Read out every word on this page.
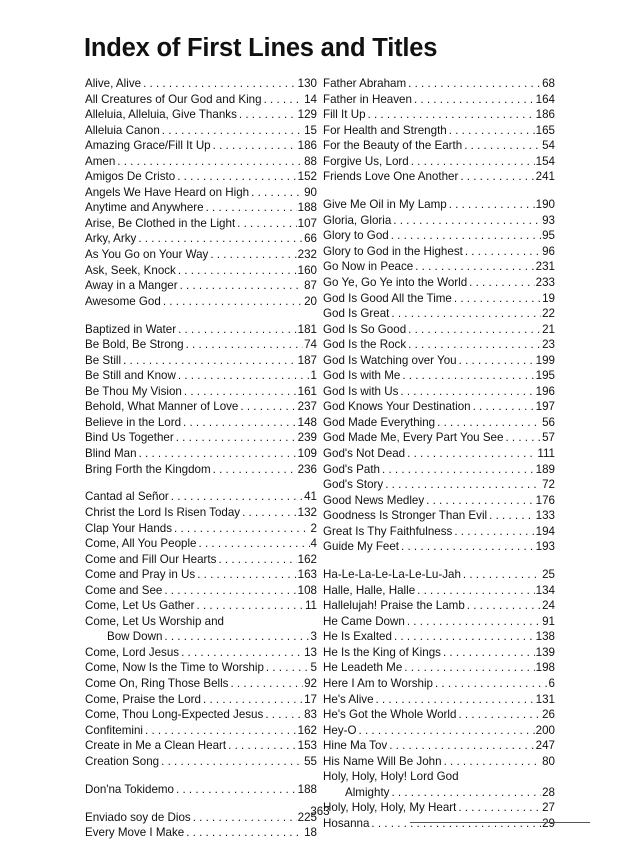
Index of First Lines and Titles
Alive, Alive . . .	130
All Creatures of Our God and King . . .	14
Alleluia, Alleluia, Give Thanks . . .	129
Alleluia Canon . . .	15
Amazing Grace/Fill It Up . . .	186
Amen . . .	88
Amigos De Cristo . . .	152
Angels We Have Heard on High . . .	90
Anytime and Anywhere . . .	188
Arise, Be Clothed in the Light . . .	107
Arky, Arky . . .	66
As You Go on Your Way . . .	232
Ask, Seek, Knock . . .	160
Away in a Manger . . .	87
Awesome God . . .	20
Baptized in Water . . .	181
Be Bold, Be Strong . . .	74
Be Still . . .	187
Be Still and Know . . .	1
Be Thou My Vision . . .	161
Behold, What Manner of Love . . .	237
Believe in the Lord . . .	148
Bind Us Together . . .	239
Blind Man . . .	109
Bring Forth the Kingdom . . .	236
Cantad al Señor . . .	41
Christ the Lord Is Risen Today . . .	132
Clap Your Hands . . .	2
Come, All You People . . .	4
Come and Fill Our Hearts . . .	162
Come and Pray in Us . . .	163
Come and See . . .	108
Come, Let Us Gather . . .	11
Come, Let Us Worship and
Bow Down . . .	3
Come, Lord Jesus . . .	13
Come, Now Is the Time to Worship . . .	5
Come On, Ring Those Bells . . .	92
Come, Praise the Lord . . .	17
Come, Thou Long-Expected Jesus . . .	83
Confitemini . . .	162
Create in Me a Clean Heart . . .	153
Creation Song . . .	55
Don'na Tokidemo . . .	188
Enviado soy de Dios . . .	225
Every Move I Make . . .	18
Father Abraham . . .	68
Father in Heaven . . .	164
Fill It Up . . .	186
For Health and Strength . . .	165
For the Beauty of the Earth . . .	54
Forgive Us, Lord . . .	154
Friends Love One Another . . .	241
Give Me Oil in My Lamp . . .	190
Gloria, Gloria . . .	93
Glory to God . . .	95
Glory to God in the Highest . . .	96
Go Now in Peace . . .	231
Go Ye, Go Ye into the World . . .	233
God Is Good All the Time . . .	19
God Is Great . . .	22
God Is So Good . . .	21
God Is the Rock . . .	23
God Is Watching over You . . .	199
God Is with Me . . .	195
God Is with Us . . .	196
God Knows Your Destination . . .	197
God Made Everything . . .	56
God Made Me, Every Part You See . . .	57
God's Not Dead . . .	111
God's Path . . .	189
God's Story . . .	72
Good News Medley . . .	176
Goodness Is Stronger Than Evil . . .	133
Great Is Thy Faithfulness . . .	194
Guide My Feet . . .	193
Ha-Le-La-Le-La-Le-Lu-Jah . . .	25
Halle, Halle, Halle . . .	134
Hallelujah! Praise the Lamb . . .	24
He Came Down . . .	91
He Is Exalted . . .	138
He Is the King of Kings . . .	139
He Leadeth Me . . .	198
Here I Am to Worship . . .	6
He's Alive . . .	131
He's Got the Whole World . . .	26
Hey-O . . .	200
Hine Ma Tov . . .	247
His Name Will Be John . . .	80
Holy, Holy, Holy! Lord God
Almighty . . .	28
Holy, Holy, Holy, My Heart . . .	27
Hosanna . . .	29
363
